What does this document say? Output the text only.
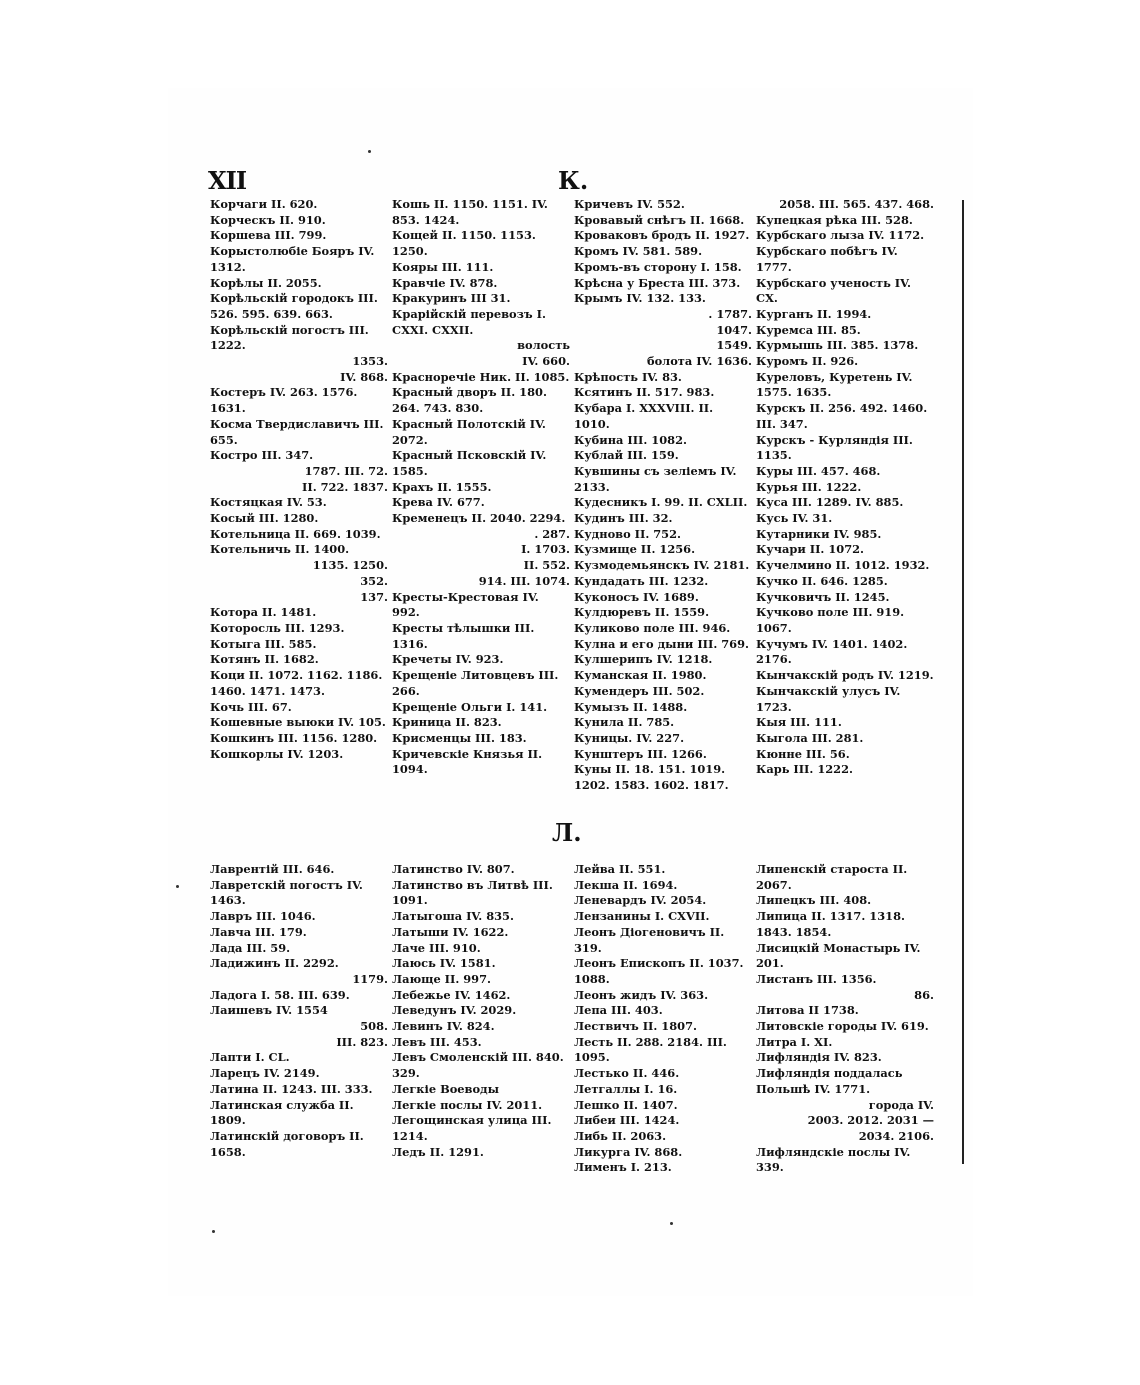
XII	К.
Л.

Корчаги II. 620.

Корческъ II. 910.

Коршева III. 799.

Корыстолюбіе Бояръ IV. 1312.

Корѣлы II. 2055.

Корѣльскій городокъ III. 526. 595. 639. 663.

Корѣльскій погостъ III. 1222.

1353.

IV. 868.

Костеръ IV. 263. 1576. 1631.

Косма Твердиславичъ III. 655.

Костро III. 347.

1787. III. 72.

II. 722. 1837.

Костяцкая IV. 53.

Косый III. 1280.

Котельница II. 669. 1039.

Котельничь II. 1400.

1135. 1250.

352.

137.

Котора II. 1481.

Котороcль III. 1293.

Котыга III. 585.

Котянъ II. 1682.

Коци II. 1072. 1162. 1186. 1460. 1471. 1473.

Кочь III. 67.

Кошевные выюки IV. 105.

Кошкинъ III. 1156. 1280.

Кошкорлы IV. 1203.

Кошь II. 1150. 1151. IV. 853. 1424.

Кощей II. 1150. 1153. 1250.

Кояры III. 111.

Кравчіе IV. 878.

Кракуринъ III 31.

Крарійскій перевозъ I. CXXI. CXXII.

волость

IV. 660.

Красноречіе Ник. II. 1085.

Красный дворъ II. 180. 264. 743. 830.

Красный Полотскій IV. 2072.

Красный Псковскій IV. 1585.

Крахъ II. 1555.

Крева IV. 677.

Кременецъ II. 2040. 2294.

. 287.

I. 1703.

II. 552.

914. III. 1074.

Кресты-Крестовая IV. 992.

Кресты тѣлышки III. 1316.

Кречеты IV. 923.

Крещеніе Литовцевъ III. 266.

Крещеніе Ольги I. 141.

Криница II. 823.

Крисменцы III. 183.

Кричевскіе Князья II. 1094.

Кричевъ IV. 552.

Кровавый снѣгъ II. 1668.

Кроваковъ бродъ II. 1927.

Кромъ IV. 581. 589.

Кромъ-въ сторону I. 158.

Крѣсна у Бреста III. 373.

Крымъ IV. 132. 133.

. 1787.

1047.

1549.

болота IV. 1636.

Крѣпость IV. 83.

Ксятинъ II. 517. 983.

Кубара I. XXXVIII. II. 1010.

Кубина III. 1082.

Кублай III. 159.

Кувшины съ зеліемъ IV. 2133.

Кудесникъ I. 99. II. CXLII.

Кудинъ III. 32.

Кудново II. 752.

Кузмище II. 1256.

Кузмодемьянскъ IV. 2181.

Кундадать III. 1232.

Куконосъ IV. 1689.

Кулдюревъ II. 1559.

Куликово поле III. 946.

Кулна и его дыни III. 769.

Кулшерипъ IV. 1218.

Куманская II. 1980.

Кумендеръ III. 502.

Кумызъ II. 1488.

Кунила II. 785.

Куницы. IV. 227.

Кунштеръ III. 1266.

Куны II. 18. 151. 1019. 1202. 1583. 1602. 1817.

2058. III. 565. 437. 468.

Купецкая рѣка III. 528.

Курбскаго лыза IV. 1172.

Курбскаго побѣгъ IV. 1777.

Курбскаго ученость IV. CX.

Курганъ II. 1994.

Куремса III. 85.

Курмышь III. 385. 1378.

Куромъ II. 926.

Куреловъ, Куретень IV. 1575. 1635.

Курскъ II. 256. 492. 1460. III. 347.

Курскъ - Курляндія III. 1135.

Куры III. 457. 468.

Курья III. 1222.

Куса III. 1289. IV. 885.

Кусь IV. 31.

Кутарники IV. 985.

Кучари II. 1072.

Кучелмино II. 1012. 1932.

Кучко II. 646. 1285.

Кучковичъ II. 1245.

Кучково поле III. 919. 1067.

Кучумъ IV. 1401. 1402. 2176.

Кынчакскій родъ IV. 1219.

Кынчакскій улусъ IV. 1723.

Кыя III. 111.

Кыгола III. 281.

Кюнне III. 56.

Карь III. 1222.

Лаврентій III. 646.

Лавретскій погостъ IV. 1463.

Лавръ III. 1046.

Лавча III. 179.

Лада III. 59.

Ладижинъ II. 2292.

1179.

Ладога I. 58. III. 639.

Лаишевъ IV. 1554

508.

III. 823.

Лапти I. CL.

Ларецъ IV. 2149.

Латина II. 1243. III. 333.

Латинская служба II. 1809.

Латинскій договоръ II. 1658.

Латинство IV. 807.

Латинство въ Литвѣ III. 1091.

Латыгоша IV. 835.

Латыши IV. 1622.

Лаче III. 910.

Лаюсь IV. 1581.

Лающе II. 997.

Лебежье IV. 1462.

Леведунъ IV. 2029.

Левинъ IV. 824.

Левъ III. 453.

Левъ Смоленскій III. 840. 329.

Легкіе Воеводы

Легкіе послы IV. 2011.

Легощинская улица III. 1214.

Ледъ II. 1291.

Лейва II. 551.

Лекша II. 1694.

Леневардъ IV. 2054.

Лензанины I. CXVII.

Леонъ Діогеновичъ II. 319.

Леонъ Епископъ II. 1037. 1088.

Леонъ жидъ IV. 363.

Лепа III. 403.

Лествичъ II. 1807.

Лесть II. 288. 2184. III. 1095.

Лестько II. 446.

Летгаллы I. 16.

Лешко II. 1407.

Либеи III. 1424.

Либь II. 2063.

Ликурга IV. 868.

Лименъ I. 213.

Липенскій староста II. 2067.

Липецкъ III. 408.

Липица II. 1317. 1318. 1843. 1854.

Лисицкій Монастырь IV. 201.

Листанъ III. 1356.

86.

Литова II 1738.

Литовскіе городы IV. 619.

Литра I. XI.

Лифляндія IV. 823.

Лифляндія поддалась Польшѣ IV. 1771.

города IV.

2003. 2012. 2031 —

2034. 2106.

Лифляндскіе послы IV. 339.
